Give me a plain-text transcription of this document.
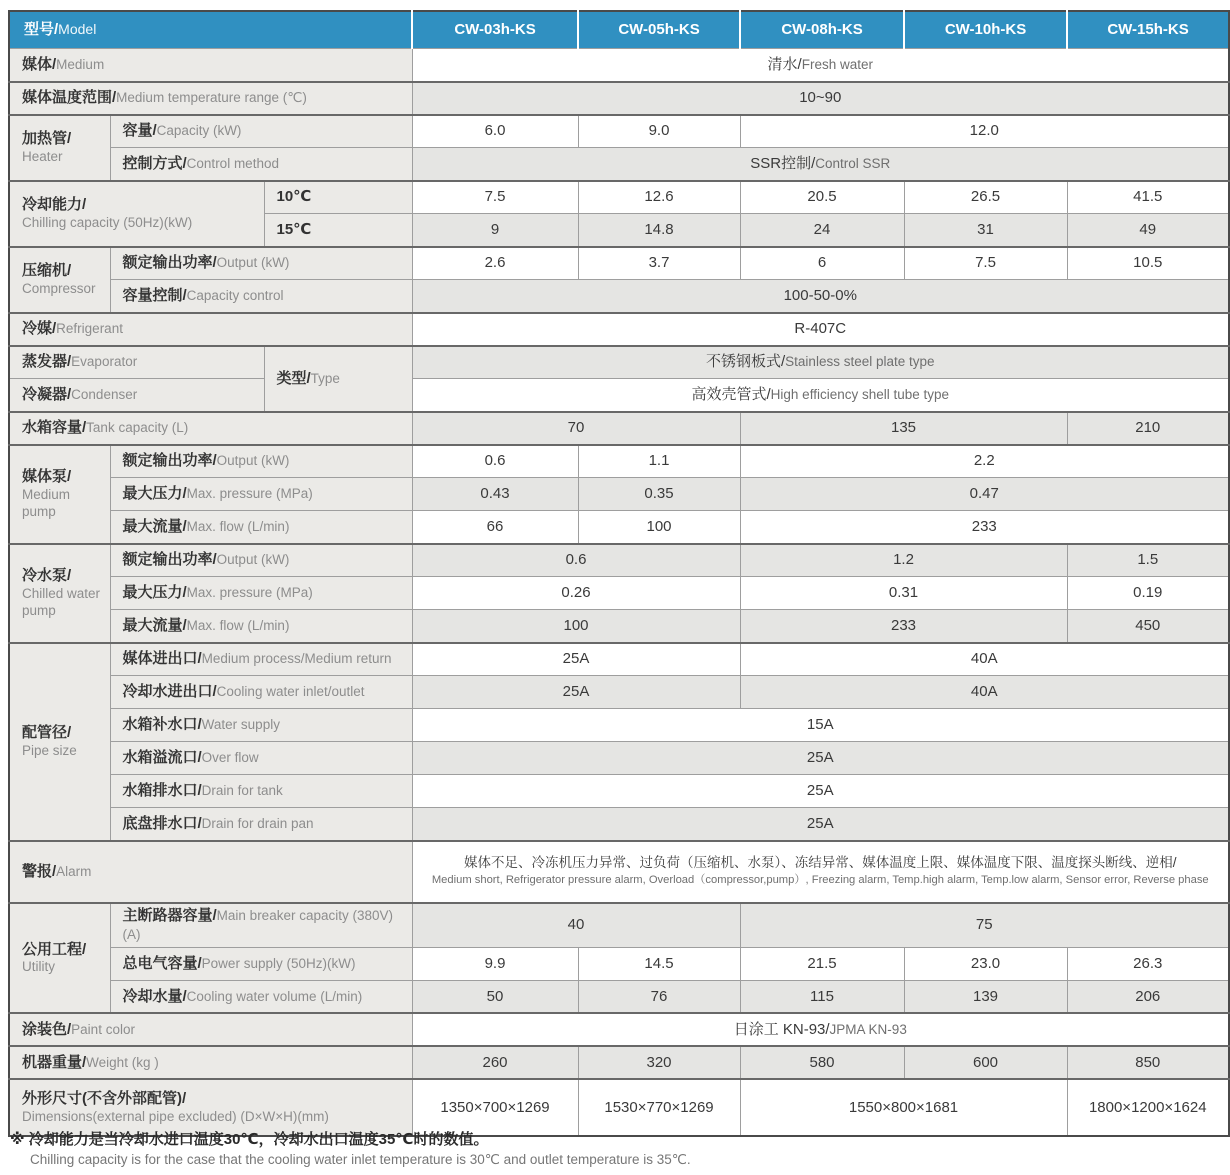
型号/Model			CW-03h-KS	CW-05h-KS	CW-08h-KS	CW-10h-KS	CW-15h-KS
媒体/Medium			清水/Fresh water				
媒体温度范围/Medium temperature range (℃)			10~90				
加热管/
Heater	容量/Capacity (kW)		6.0	9.0	12.0		
	控制方式/Control method		SSR控制/Control SSR				
冷却能力/
Chilling capacity (50Hz)(kW)		10℃	7.5	12.6	20.5	26.5	41.5
		15℃	9	14.8	24	31	49
压缩机/
Compressor	额定输出功率/Output (kW)		2.6	3.7	6	7.5	10.5
	容量控制/Capacity control		100-50-0%				
冷媒/Refrigerant			R-407C				
蒸发器/Evaporator		类型/Type	不锈钢板式/Stainless steel plate type				
冷凝器/Condenser			高效壳管式/High efficiency shell tube type				
水箱容量/Tank capacity (L)			70		135		210
媒体泵/
Medium pump	额定输出功率/Output (kW)		0.6	1.1	2.2		
	最大压力/Max. pressure (MPa)		0.43	0.35	0.47		
	最大流量/Max. flow (L/min)		66	100	233		
冷水泵/
Chilled water pump	额定输出功率/Output (kW)		0.6		1.2		1.5
	最大压力/Max. pressure (MPa)		0.26		0.31		0.19
	最大流量/Max. flow (L/min)		100		233		450
配管径/
Pipe size	媒体进出口/Medium process/Medium return		25A		40A		
	冷却水进出口/Cooling water inlet/outlet		25A		40A		
	水箱补水口/Water supply		15A				
	水箱溢流口/Over flow		25A				
	水箱排水口/Drain for tank		25A				
	底盘排水口/Drain for drain pan		25A				
警报/Alarm			媒体不足、冷冻机压力异常、过负荷（压缩机、水泵）、冻结异常、媒体温度上限、媒体温度下限、温度探头断线、逆相/
Medium short, Refrigerator pressure alarm, Overload（compressor,pump）, Freezing alarm, Temp.high alarm, Temp.low alarm, Sensor error, Reverse phase				

公用工程/
Utility	主断路器容量/Main breaker capacity (380V)(A)		40		75		
	总电气容量/Power supply (50Hz)(kW)		9.9	14.5	21.5	23.0	26.3
	冷却水量/Cooling water volume (L/min)		50	76	115	139	206
涂装色/Paint color			日涂工 KN-93/JPMA KN-93				
机器重量/Weight (kg )			260	320	580	600	850
外形尺寸(不含外部配管)/
Dimensions(external pipe excluded) (D×W×H)(mm)			1350×700×1269	1530×770×1269	1550×800×1681		1800×1200×1624
※ 冷却能力是当冷却水进口温度30℃，冷却水出口温度35℃时的数值。
Chilling capacity is for the case that the cooling water inlet temperature is 30℃ and outlet temperature is 35℃.
